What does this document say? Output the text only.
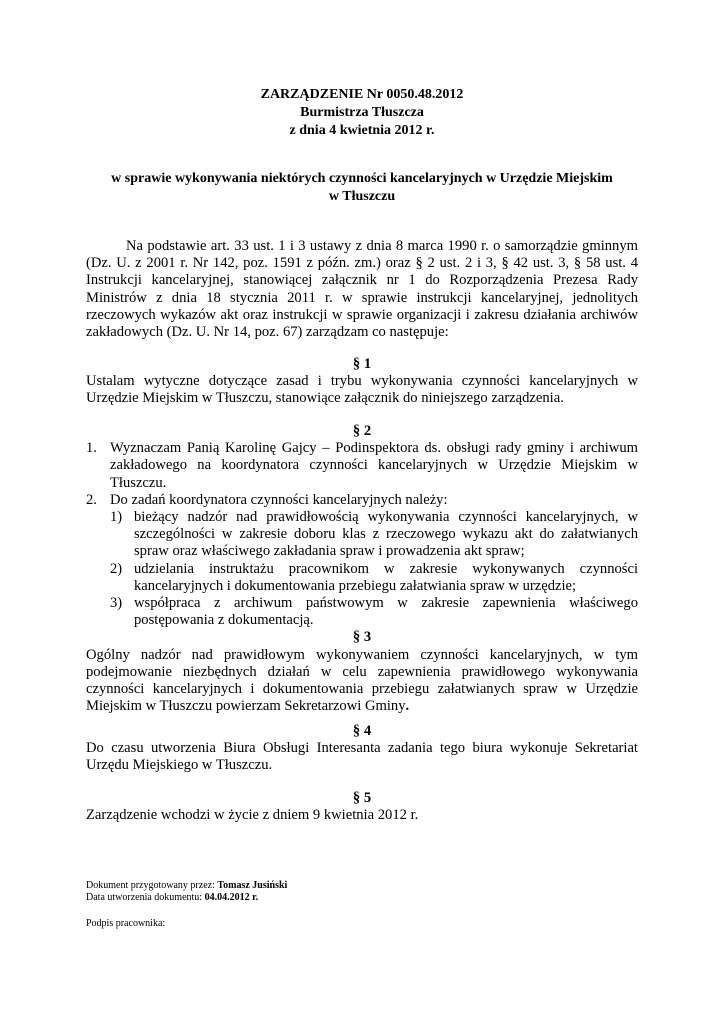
ZARZĄDZENIE Nr 0050.48.2012
Burmistrza Tłuszcza
z dnia 4 kwietnia 2012 r.
w sprawie wykonywania niektórych czynności kancelaryjnych w Urzędzie Miejskim
w Tłuszczu
Na podstawie art. 33 ust. 1 i 3 ustawy z dnia 8 marca 1990 r. o samorządzie gminnym (Dz. U. z 2001 r. Nr 142, poz. 1591 z późn. zm.) oraz § 2 ust. 2 i 3, § 42 ust. 3, § 58 ust. 4 Instrukcji kancelaryjnej, stanowiącej załącznik nr 1 do Rozporządzenia Prezesa Rady Ministrów z dnia 18 stycznia 2011 r. w sprawie instrukcji kancelaryjnej, jednolitych rzeczowych wykazów akt oraz instrukcji w sprawie organizacji i zakresu działania archiwów zakładowych (Dz. U. Nr 14, poz. 67) zarządzam co następuje:

§ 1

Ustalam wytyczne dotyczące zasad i trybu wykonywania czynności kancelaryjnych w Urzędzie Miejskim w Tłuszczu, stanowiące załącznik do niniejszego zarządzenia.

§ 2

1. Wyznaczam Panią Karolinę Gajcy – Podinspektora ds. obsługi rady gminy i archiwum zakładowego na koordynatora czynności kancelaryjnych w Urzędzie Miejskim w Tłuszczu.
2. Do zadań koordynatora czynności kancelaryjnych należy:
1) bieżący nadzór nad prawidłowością wykonywania czynności kancelaryjnych, w szczególności w zakresie doboru klas z rzeczowego wykazu akt do załatwianych spraw oraz właściwego zakładania spraw i prowadzenia akt spraw;
2) udzielania instruktażu pracownikom w zakresie wykonywanych czynności kancelaryjnych i dokumentowania przebiegu załatwiania spraw w urzędzie;
3) współpraca z archiwum państwowym w zakresie zapewnienia właściwego postępowania z dokumentacją.

§ 3

Ogólny nadzór nad prawidłowym wykonywaniem czynności kancelaryjnych, w tym podejmowanie niezbędnych działań w celu zapewnienia prawidłowego wykonywania czynności kancelaryjnych i dokumentowania przebiegu załatwianych spraw w Urzędzie Miejskim w Tłuszczu powierzam Sekretarzowi Gminy.

§ 4

Do czasu utworzenia Biura Obsługi Interesanta zadania tego biura wykonuje Sekretariat Urzędu Miejskiego w Tłuszczu.

§ 5

Zarządzenie wchodzi w życie z dniem 9 kwietnia 2012 r.

Dokument przygotowany przez: Tomasz Jusiński
Data utworzenia dokumentu: 04.04.2012 r.
Podpis pracownika:
